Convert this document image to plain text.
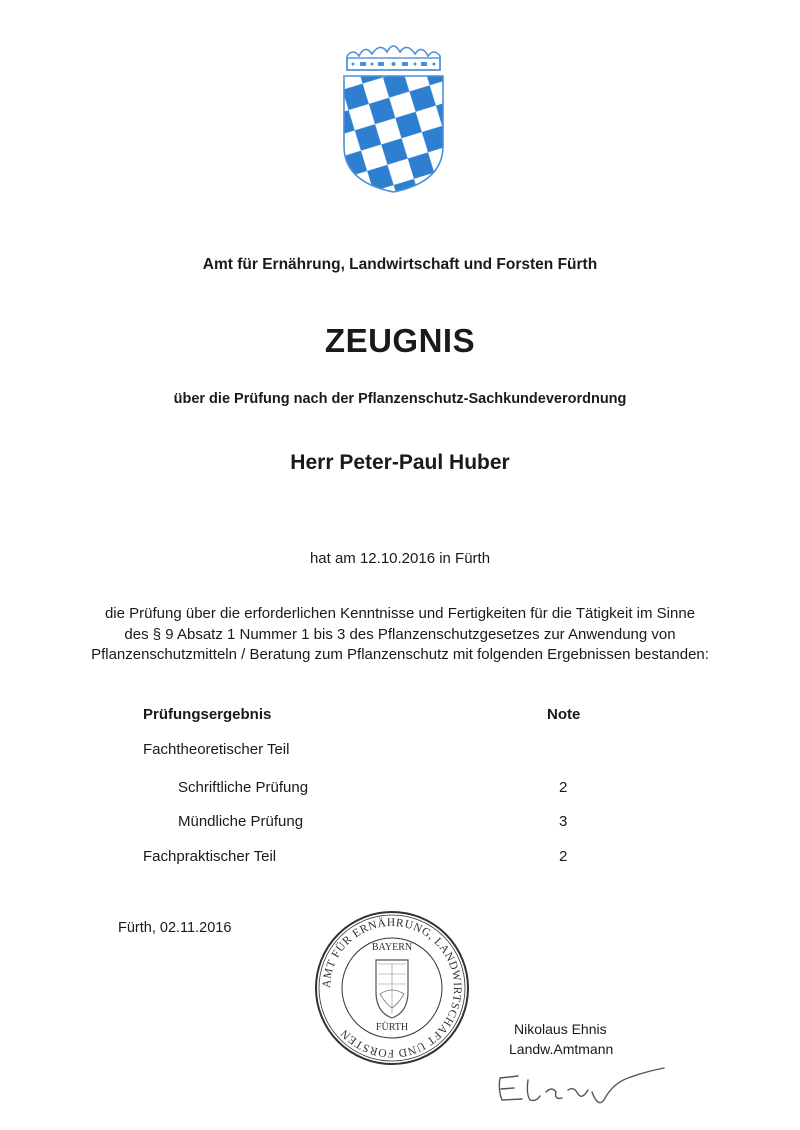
Amt für Ernährung, Landwirtschaft und Forsten Fürth
ZEUGNIS
über die Prüfung nach der Pflanzenschutz-Sachkundeverordnung
Herr Peter-Paul Huber
hat am 12.10.2016 in Fürth
die Prüfung über die erforderlichen Kenntnisse und Fertigkeiten für die Tätigkeit im Sinne
des § 9 Absatz 1 Nummer 1 bis 3 des Pflanzenschutzgesetzes zur Anwendung von
Pflanzenschutzmitteln / Beratung zum Pflanzenschutz mit folgenden Ergebnissen bestanden:
Prüfungsergebnis	Note
Fachtheoretischer Teil
Schriftliche Prüfung	2
Mündliche Prüfung	3
Fachpraktischer Teil	2
Fürth, 02.11.2016
AMT FÜR ERNÄHRUNG, LANDWIRTSCHAFT UND FORSTEN
BAYERN
FÜRTH	Nikolaus Ehnis
Landw.Amtmann
